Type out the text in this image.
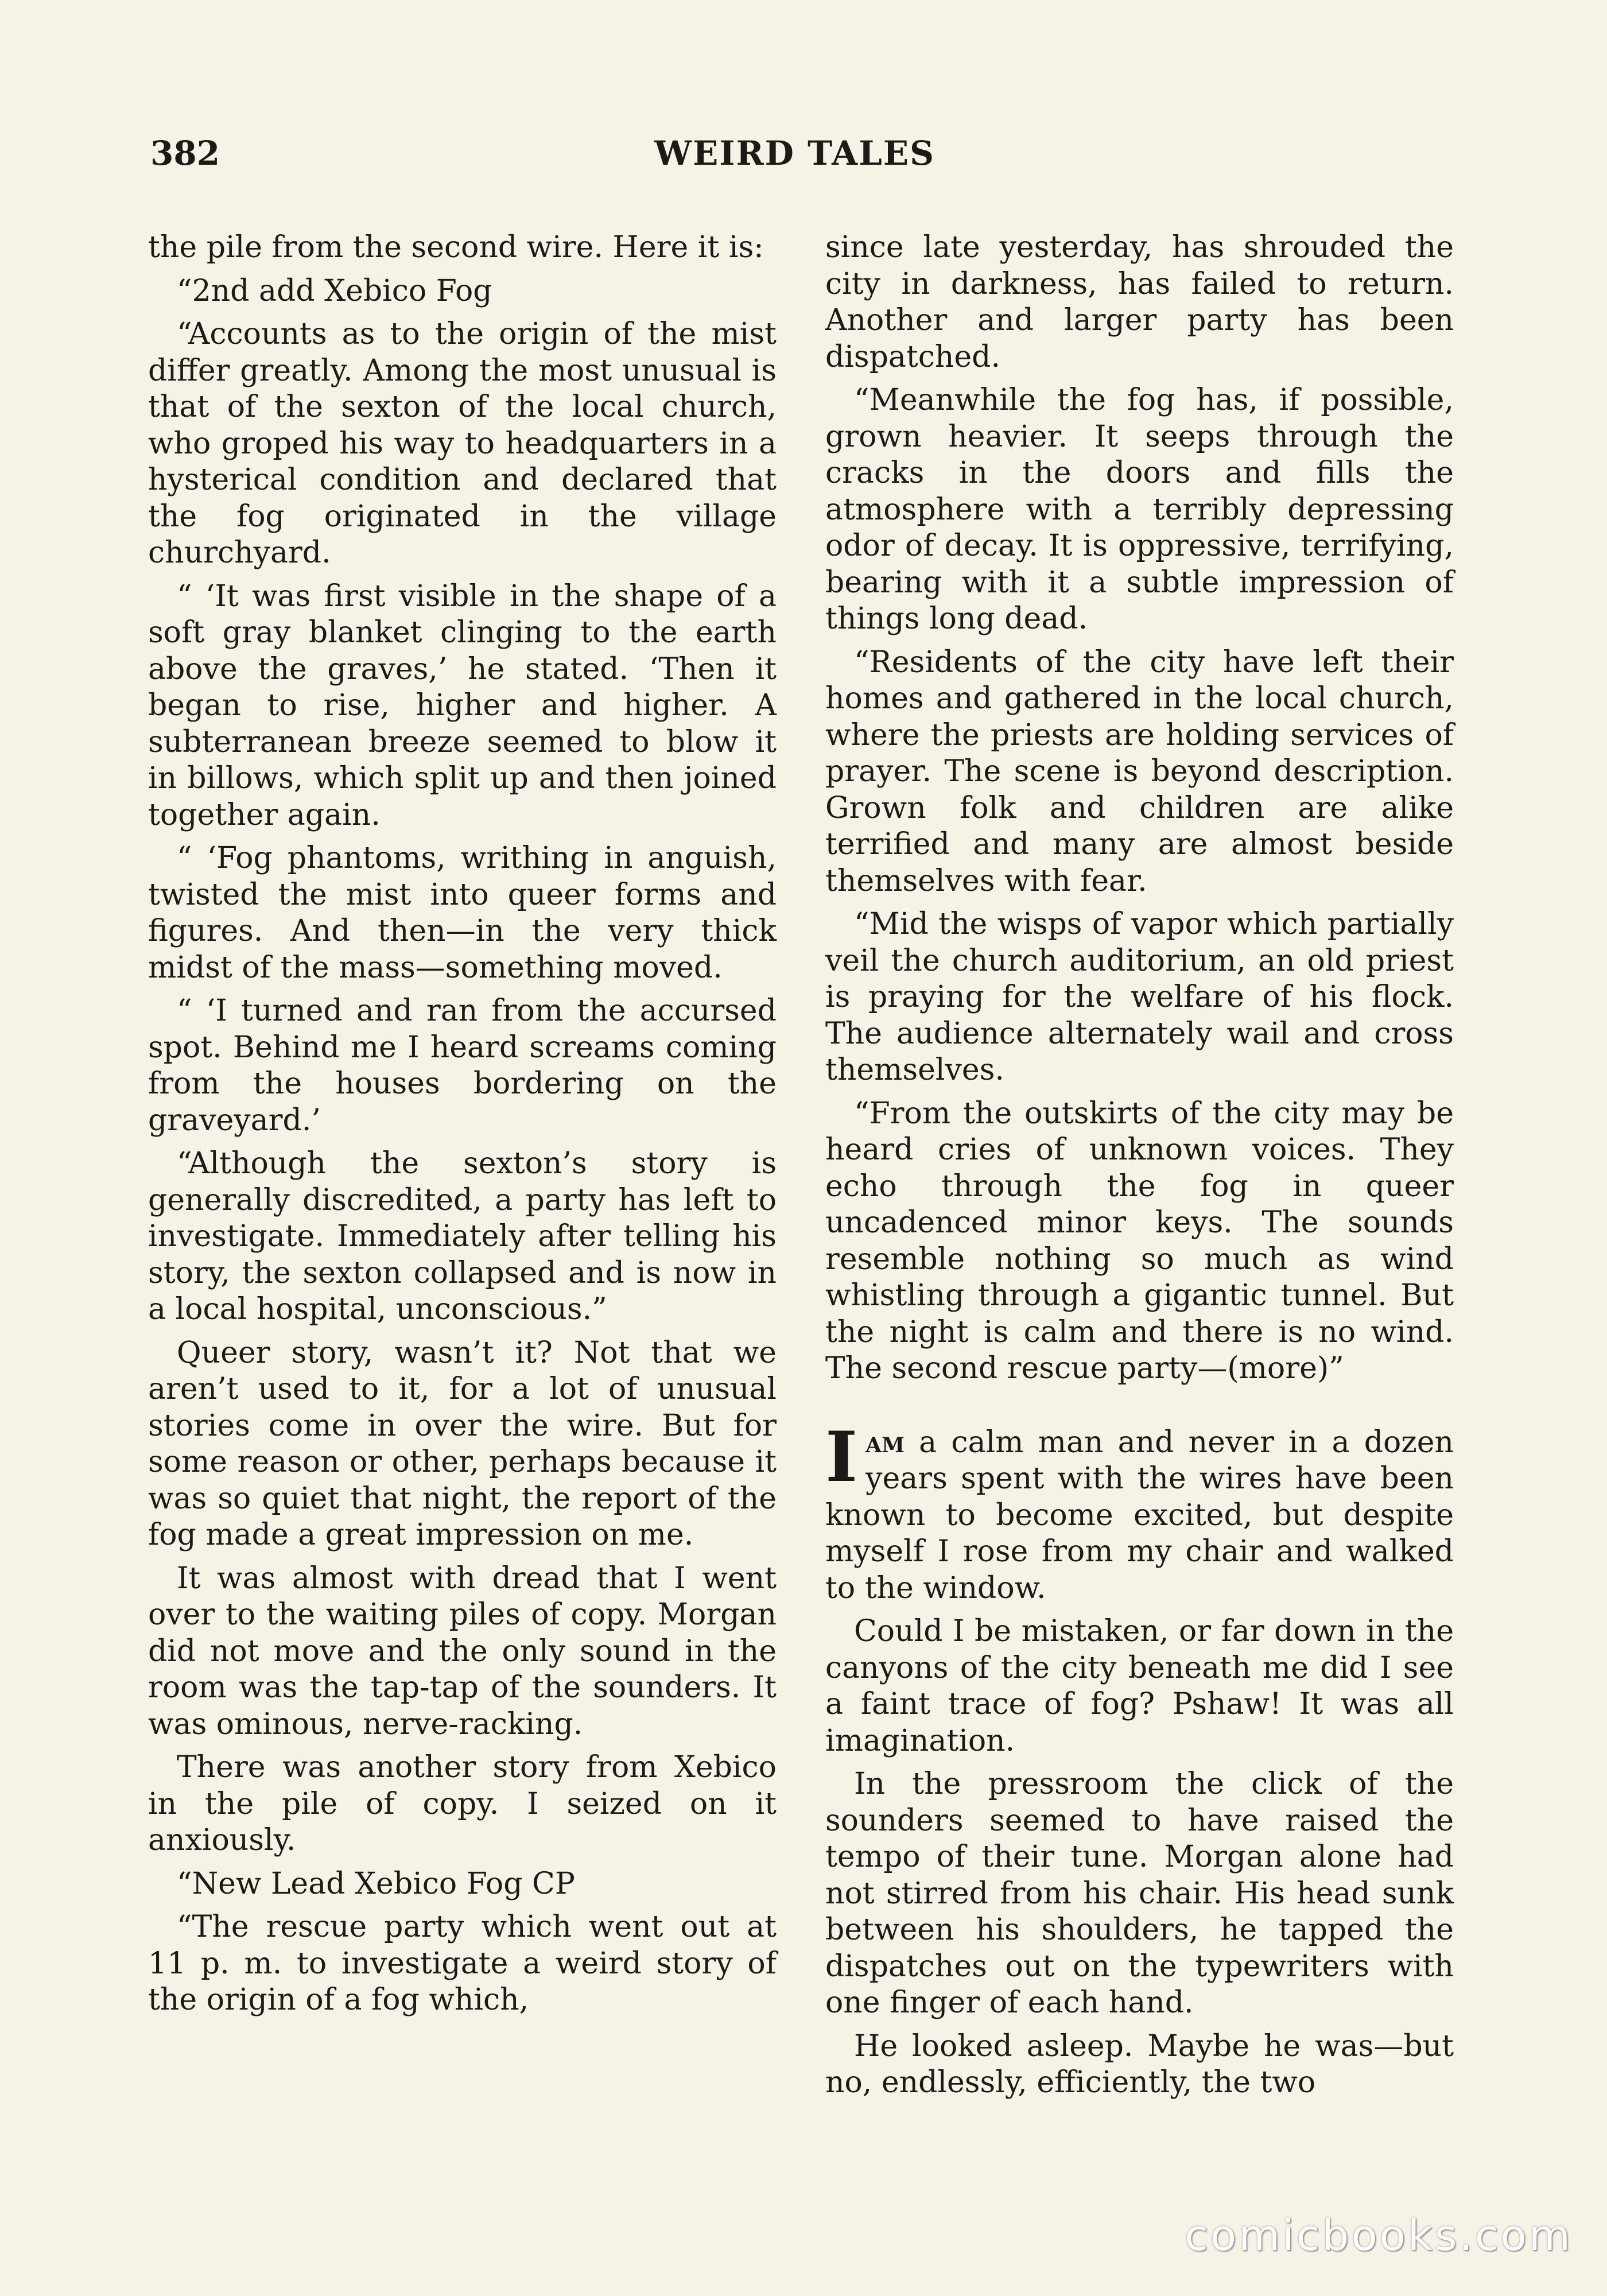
382	WEIRD TALES

the pile from the second wire. Here it is:

“2nd add Xebico Fog

“Accounts as to the origin of the mist differ greatly. Among the most unusual is that of the sexton of the local church, who groped his way to headquarters in a hysterical condition and declared that the fog originated in the village churchyard.

“ ‘It was first visible in the shape of a soft gray blanket clinging to the earth above the graves,’ he stated. ‘Then it began to rise, higher and higher. A subterranean breeze seemed to blow it in billows, which split up and then joined together again.

“ ‘Fog phantoms, writhing in anguish, twisted the mist into queer forms and figures. And then—in the very thick midst of the mass—something moved.

“ ‘I turned and ran from the accursed spot. Behind me I heard screams coming from the houses bordering on the graveyard.’

“Although the sexton’s story is generally discredited, a party has left to investigate. Immediately after telling his story, the sexton collapsed and is now in a local hospital, unconscious.”

Queer story, wasn’t it? Not that we aren’t used to it, for a lot of unusual stories come in over the wire. But for some reason or other, perhaps because it was so quiet that night, the report of the fog made a great impression on me.

It was almost with dread that I went over to the waiting piles of copy. Morgan did not move and the only sound in the room was the tap-tap of the sounders. It was ominous, nerve-racking.

There was another story from Xebico in the pile of copy. I seized on it anxiously.

“New Lead Xebico Fog CP

“The rescue party which went out at 11 p. m. to investigate a weird story of the origin of a fog which,

since late yesterday, has shrouded the city in darkness, has failed to return. Another and larger party has been dispatched.

“Meanwhile the fog has, if possible, grown heavier. It seeps through the cracks in the doors and fills the atmosphere with a terribly depressing odor of decay. It is oppressive, terrifying, bearing with it a subtle impression of things long dead.

“Residents of the city have left their homes and gathered in the local church, where the priests are holding services of prayer. The scene is beyond description. Grown folk and children are alike terrified and many are almost beside themselves with fear.

“Mid the wisps of vapor which partially veil the church auditorium, an old priest is praying for the welfare of his flock. The audience alternately wail and cross themselves.

“From the outskirts of the city may be heard cries of unknown voices. They echo through the fog in queer uncadenced minor keys. The sounds resemble nothing so much as wind whistling through a gigantic tunnel. But the night is calm and there is no wind. The second rescue party—(more)”

Iam a calm man and never in a dozen years spent with the wires have been known to become excited, but despite myself I rose from my chair and walked to the window.

Could I be mistaken, or far down in the canyons of the city beneath me did I see a faint trace of fog? Pshaw! It was all imagination.

In the pressroom the click of the sounders seemed to have raised the tempo of their tune. Morgan alone had not stirred from his chair. His head sunk between his shoulders, he tapped the dispatches out on the typewriters with one finger of each hand.

He looked asleep. Maybe he was—but no, endlessly, efficiently, the two

comicbooks.com
